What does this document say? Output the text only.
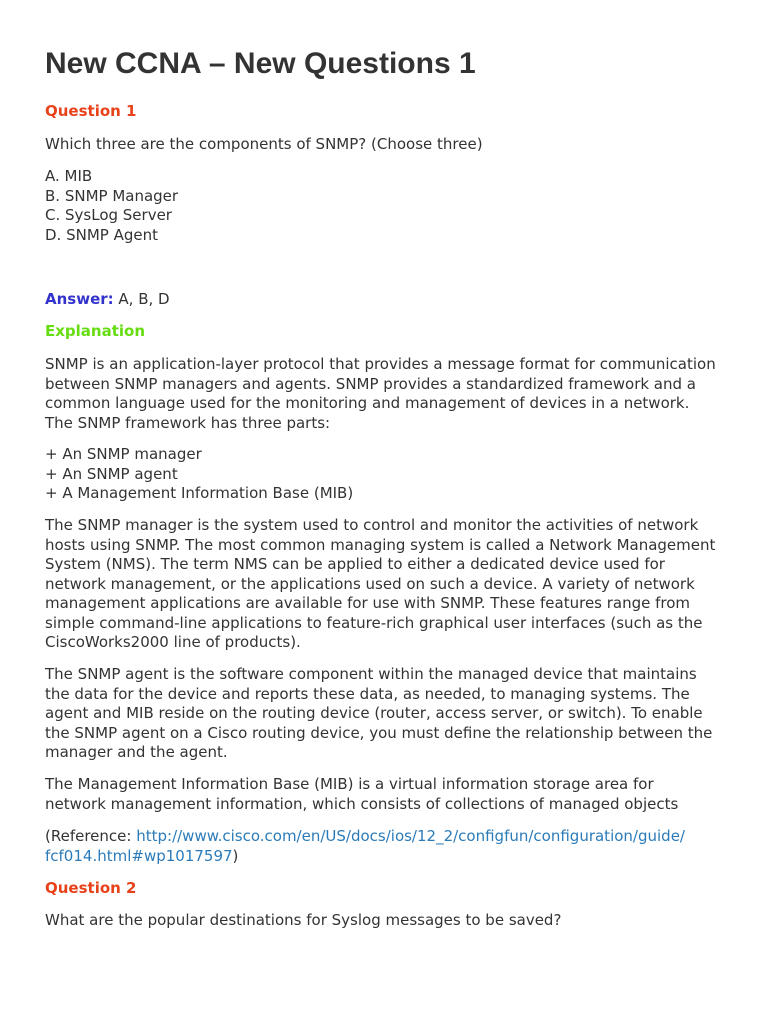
New CCNA – New Questions 1
Question 1
Which three are the components of SNMP? (Choose three)
A. MIB
B. SNMP Manager
C. SysLog Server
D. SNMP Agent
Answer: A, B, D
Explanation
SNMP is an application-layer protocol that provides a message format for communication
between SNMP managers and agents. SNMP provides a standardized framework and a
common language used for the monitoring and management of devices in a network.
The SNMP framework has three parts:
+ An SNMP manager
+ An SNMP agent
+ A Management Information Base (MIB)
The SNMP manager is the system used to control and monitor the activities of network
hosts using SNMP. The most common managing system is called a Network Management
System (NMS). The term NMS can be applied to either a dedicated device used for
network management, or the applications used on such a device. A variety of network
management applications are available for use with SNMP. These features range from
simple command-line applications to feature-rich graphical user interfaces (such as the
CiscoWorks2000 line of products).
The SNMP agent is the software component within the managed device that maintains
the data for the device and reports these data, as needed, to managing systems. The
agent and MIB reside on the routing device (router, access server, or switch). To enable
the SNMP agent on a Cisco routing device, you must define the relationship between the
manager and the agent.
The Management Information Base (MIB) is a virtual information storage area for
network management information, which consists of collections of managed objects
(Reference: http://www.cisco.com/en/US/docs/ios/12_2/configfun/configuration/guide/
fcf014.html#wp1017597)
Question 2
What are the popular destinations for Syslog messages to be saved?
